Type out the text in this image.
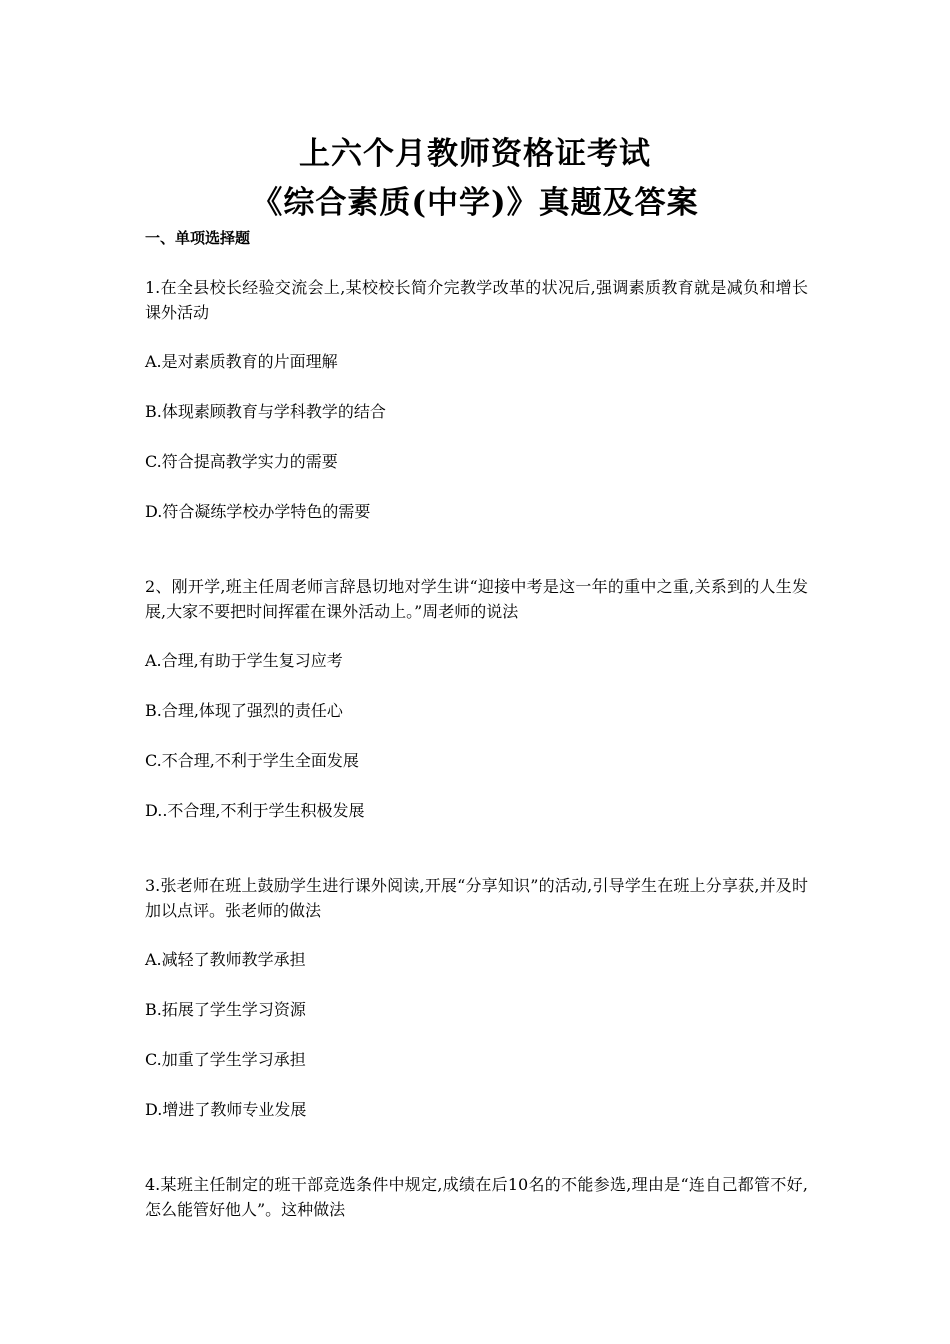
上六个月教师资格证考试
《综合素质(中学)》真题及答案
一、单项选择题
1.在全县校长经验交流会上,某校校长简介完教学改革的状况后,强调素质教育就是减负和增长课外活动
A.是对素质教育的片面理解
B.体现素顾教育与学科教学的结合
C.符合提高教学实力的需要
D.符合凝练学校办学特色的需要
2、刚开学,班主任周老师言辞恳切地对学生讲“迎接中考是这一年的重中之重,关系到的人生发展,大家不要把时间挥霍在课外活动上。”周老师的说法
A.合理,有助于学生复习应考
B.合理,体现了强烈的责任心
C.不合理,不利于学生全面发展
D..不合理,不利于学生积极发展
3.张老师在班上鼓励学生进行课外阅读,开展“分享知识”的活动,引导学生在班上分享获,并及时加以点评。张老师的做法
A.减轻了教师教学承担
B.拓展了学生学习资源
C.加重了学生学习承担
D.增进了教师专业发展
4.某班主任制定的班干部竞选条件中规定,成绩在后10名的不能参选,理由是“连自己都管不好,怎么能管好他人”。这种做法
